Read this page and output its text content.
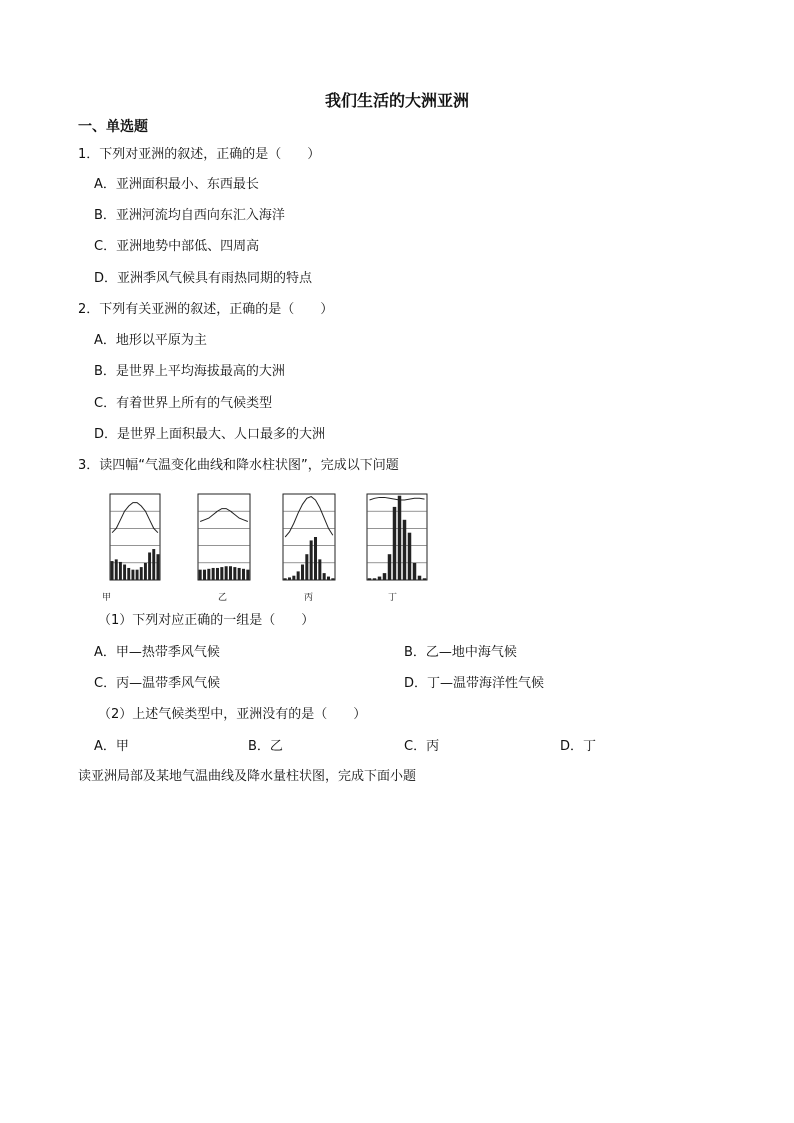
我们生活的大洲亚洲
一、单选题
1．下列对亚洲的叙述，正确的是（　　）
A．亚洲面积最小、东西最长
B．亚洲河流均自西向东汇入海洋
C．亚洲地势中部低、四周高
D．亚洲季风气候具有雨热同期的特点
2．下列有关亚洲的叙述，正确的是（　　）
A．地形以平原为主
B．是世界上平均海拔最高的大洲
C．有着世界上所有的气候类型
D．是世界上面积最大、人口最多的大洲
3．读四幅“气温变化曲线和降水柱状图”，完成以下问题
甲	乙	丙	丁
（1）下列对应正确的一组是（　　）
A．甲—热带季风气候	B．乙—地中海气候
C．丙—温带季风气候	D．丁—温带海洋性气候
（2）上述气候类型中，亚洲没有的是（　　）
A．甲	B．乙	C．丙	D．丁
读亚洲局部及某地气温曲线及降水量柱状图，完成下面小题
